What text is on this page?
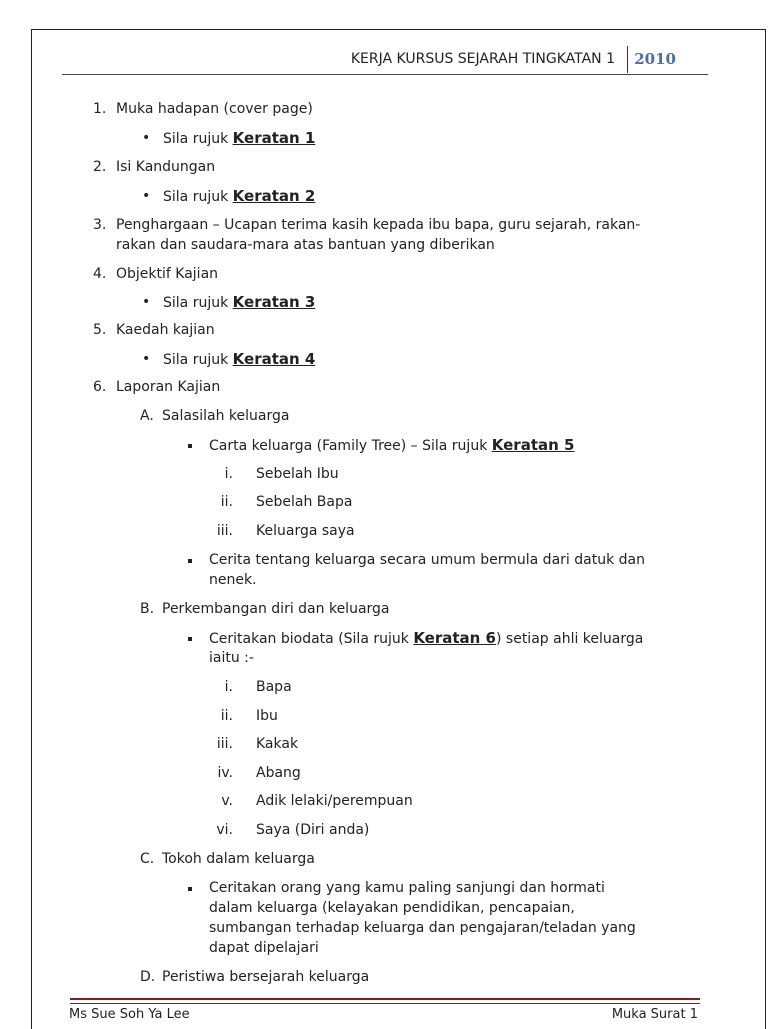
KERJA KURSUS SEJARAH TINGKATAN 1 2010
1. Muka hadapan (cover page)
• Sila rujuk Keratan 1
2. Isi Kandungan
• Sila rujuk Keratan 2
3. Penghargaan – Ucapan terima kasih kepada ibu bapa, guru sejarah, rakan-
rakan dan saudara-mara atas bantuan yang diberikan
4. Objektif Kajian
• Sila rujuk Keratan 3
5. Kaedah kajian
• Sila rujuk Keratan 4
6. Laporan Kajian
A. Salasilah keluarga
Carta keluarga (Family Tree) – Sila rujuk Keratan 5
i. Sebelah Ibu
ii. Sebelah Bapa
iii. Keluarga saya
Cerita tentang keluarga secara umum bermula dari datuk dan
nenek.
B. Perkembangan diri dan keluarga
Ceritakan biodata (Sila rujuk Keratan 6) setiap ahli keluarga
iaitu :-
i. Bapa
ii. Ibu
iii. Kakak
iv. Abang
v. Adik lelaki/perempuan
vi. Saya (Diri anda)
C. Tokoh dalam keluarga
Ceritakan orang yang kamu paling sanjungi dan hormati
dalam keluarga (kelayakan pendidikan, pencapaian,
sumbangan terhadap keluarga dan pengajaran/teladan yang
dapat dipelajari
D. Peristiwa bersejarah keluarga
Ms Sue Soh Ya Lee	Muka Surat 1
